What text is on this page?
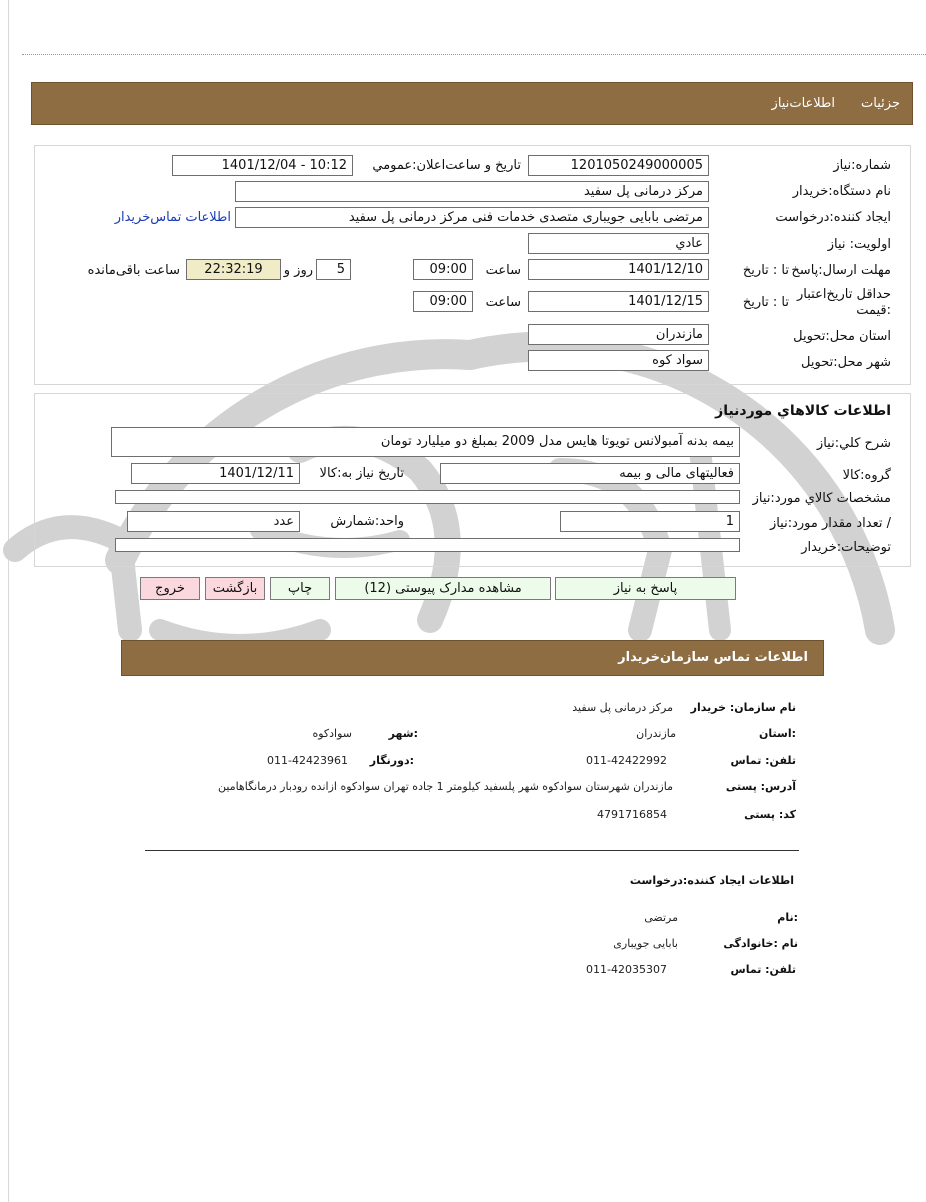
جزئیات
اطلاعات‌نیاز
شماره:نیاز
1201050249000005
تاریخ و ساعت‌اعلان:عمومي
1401/12/04 - 10:12
نام دستگاه:خریدار
مرکز درمانی پل سفید
ایجاد کننده:درخواست
مرتضی بابایی جویباری متصدی خدمات فنی مرکز درمانی پل سفید
اطلاعات تماس‌خریدار
اولویت: نیاز
عادي
مهلت ارسال:پاسخ
تا : تاریخ
1401/12/10
ساعت
09:00
5
روز و
22:32:19
ساعت باقی‌مانده
حداقل تاریخ‌اعتبار
:قیمت
تا : تاریخ
1401/12/15
ساعت
09:00
استان محل:تحویل
مازندران
شهر محل:تحویل
سواد کوه
اطلاعات کالاهاي موردنياز
شرح کلي:نیاز
بیمه بدنه آمبولانس تویوتا هایس مدل 2009 بمبلغ دو میلیارد تومان
گروه:کالا
فعالیتهای مالی و بیمه
تاریخ نیاز به:کالا
1401/12/11
مشخصات کالاي مورد:نیاز
/ تعداد مقدار مورد:نیاز
1
واحد:شمارش
عدد
توضیحات:خریدار
پاسخ به نیاز
مشاهده مدارک پیوستی (12)
چاپ
بازگشت
خروج
اطلاعات تماس سازمان‌خریدار
نام سازمان: خریدار
مرکز درمانی پل سفید
:استان
مازندران
:شهر
سوادکوه
تلفن: تماس
011-42422992
:دورنگار
011-42423961
آدرس: پستی
مازندران شهرستان سوادکوه شهر پلسفید کیلومتر 1 جاده تهران سوادکوه ازانده رودبار درمانگاهامین
کد: پستی
4791716854
اطلاعات ایجاد کننده:درخواست
:نام
مرتضی
نام :خانوادگی
بابایی جویباری
تلفن: تماس
011-42035307
